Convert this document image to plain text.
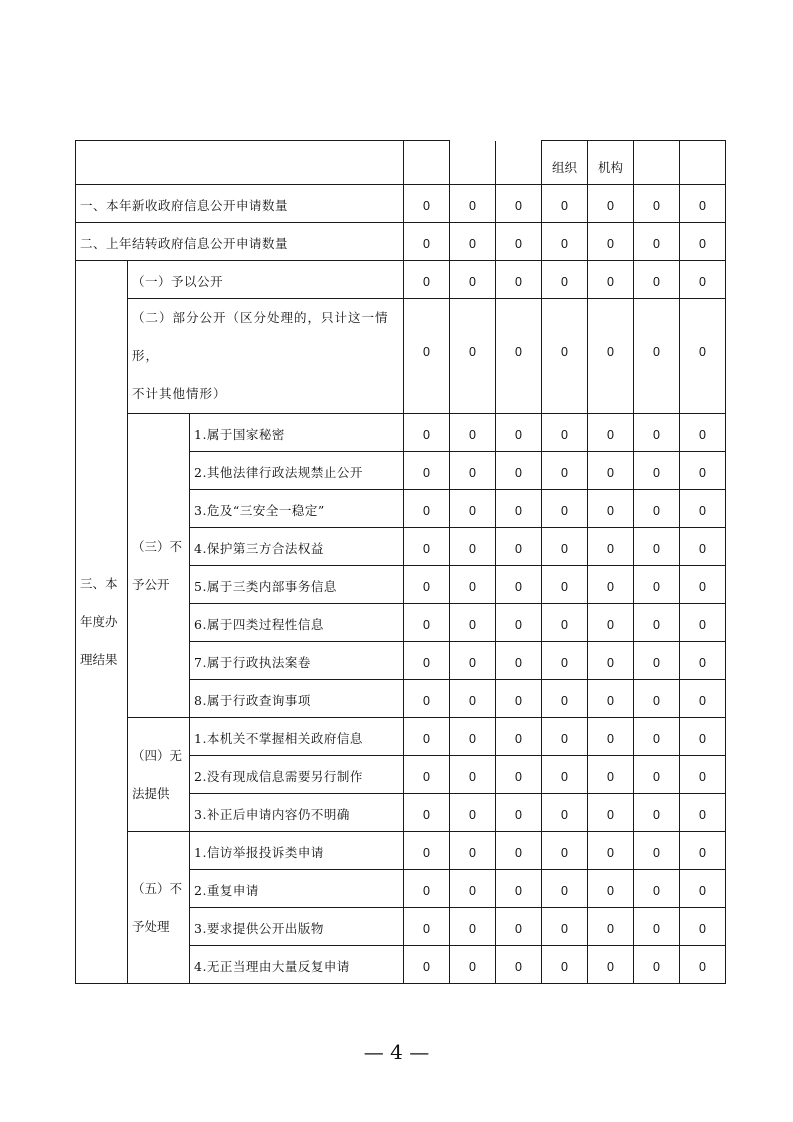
						组织	机构		
一、本年新收政府信息公开申请数量			0	0	0	0	0	0	0
二、上年结转政府信息公开申请数量			0	0	0	0	0	0	0

三、本
年度办
理结果	（一）予以公开		0	0	0	0	0	0	0

	（二）部分公开（区分处理的，只计这一情形，
不计其他情形）		0	0	0	0	0	0	0

	（三）不
予公开	1.属于国家秘密	0	0	0	0	0	0	0
		2.其他法律行政法规禁止公开	0	0	0	0	0	0	0
		3.危及“三安全一稳定”	0	0	0	0	0	0	0
		4.保护第三方合法权益	0	0	0	0	0	0	0
		5.属于三类内部事务信息	0	0	0	0	0	0	0
		6.属于四类过程性信息	0	0	0	0	0	0	0
		7.属于行政执法案卷	0	0	0	0	0	0	0
		8.属于行政查询事项	0	0	0	0	0	0	0

	（四）无
法提供	1.本机关不掌握相关政府信息	0	0	0	0	0	0	0
		2.没有现成信息需要另行制作	0	0	0	0	0	0	0
		3.补正后申请内容仍不明确	0	0	0	0	0	0	0

	（五）不
予处理	1.信访举报投诉类申请	0	0	0	0	0	0	0
		2.重复申请	0	0	0	0	0	0	0
		3.要求提供公开出版物	0	0	0	0	0	0	0
		4.无正当理由大量反复申请	0	0	0	0	0	0	0
— 4 —
